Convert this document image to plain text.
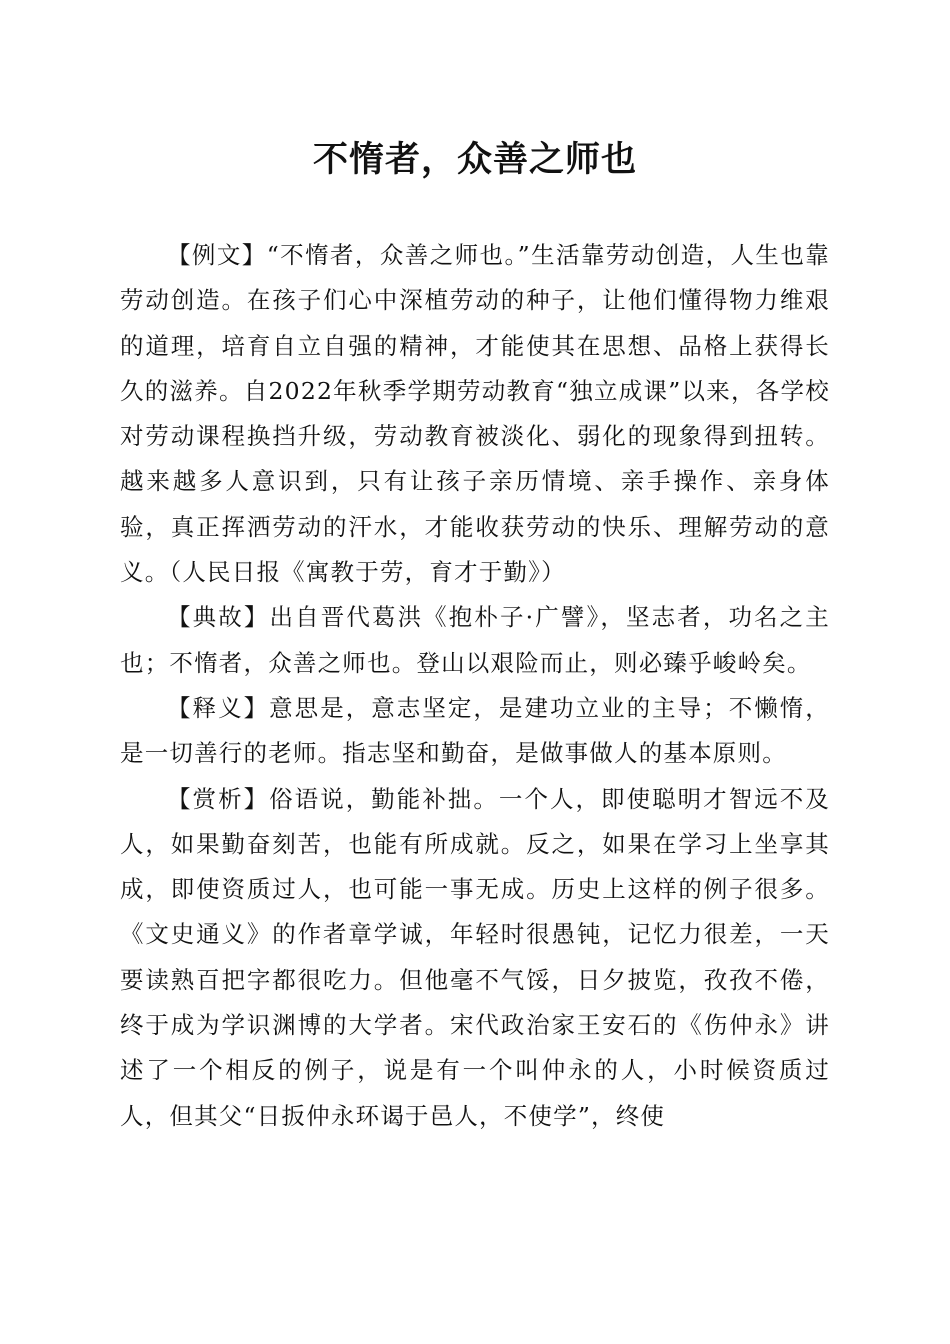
不惰者，众善之师也

【例文】“不惰者，众善之师也。”生活靠劳动创造，人生也靠劳动创造。在孩子们心中深植劳动的种子，让他们懂得物力维艰的道理，培育自立自强的精神，才能使其在思想、品格上获得长久的滋养。自2022年秋季学期劳动教育“独立成课”以来，各学校对劳动课程换挡升级，劳动教育被淡化、弱化的现象得到扭转。越来越多人意识到，只有让孩子亲历情境、亲手操作、亲身体验，真正挥洒劳动的汗水，才能收获劳动的快乐、理解劳动的意义。（人民日报《寓教于劳，育才于勤》）

【典故】出自晋代葛洪《抱朴子·广譬》，坚志者，功名之主也；不惰者，众善之师也。登山以艰险而止，则必臻乎峻岭矣。

【释义】意思是，意志坚定，是建功立业的主导；不懒惰，是一切善行的老师。指志坚和勤奋，是做事做人的基本原则。

【赏析】俗语说，勤能补拙。一个人，即使聪明才智远不及人，如果勤奋刻苦，也能有所成就。反之，如果在学习上坐享其成，即使资质过人，也可能一事无成。历史上这样的例子很多。《文史通义》的作者章学诚，年轻时很愚钝，记忆力很差，一天要读熟百把字都很吃力。但他毫不气馁，日夕披览，孜孜不倦，终于成为学识渊博的大学者。宋代政治家王安石的《伤仲永》讲述了一个相反的例子，说是有一个叫仲永的人，小时候资质过人，但其父“日扳仲永环谒于邑人，不使学”，终使
